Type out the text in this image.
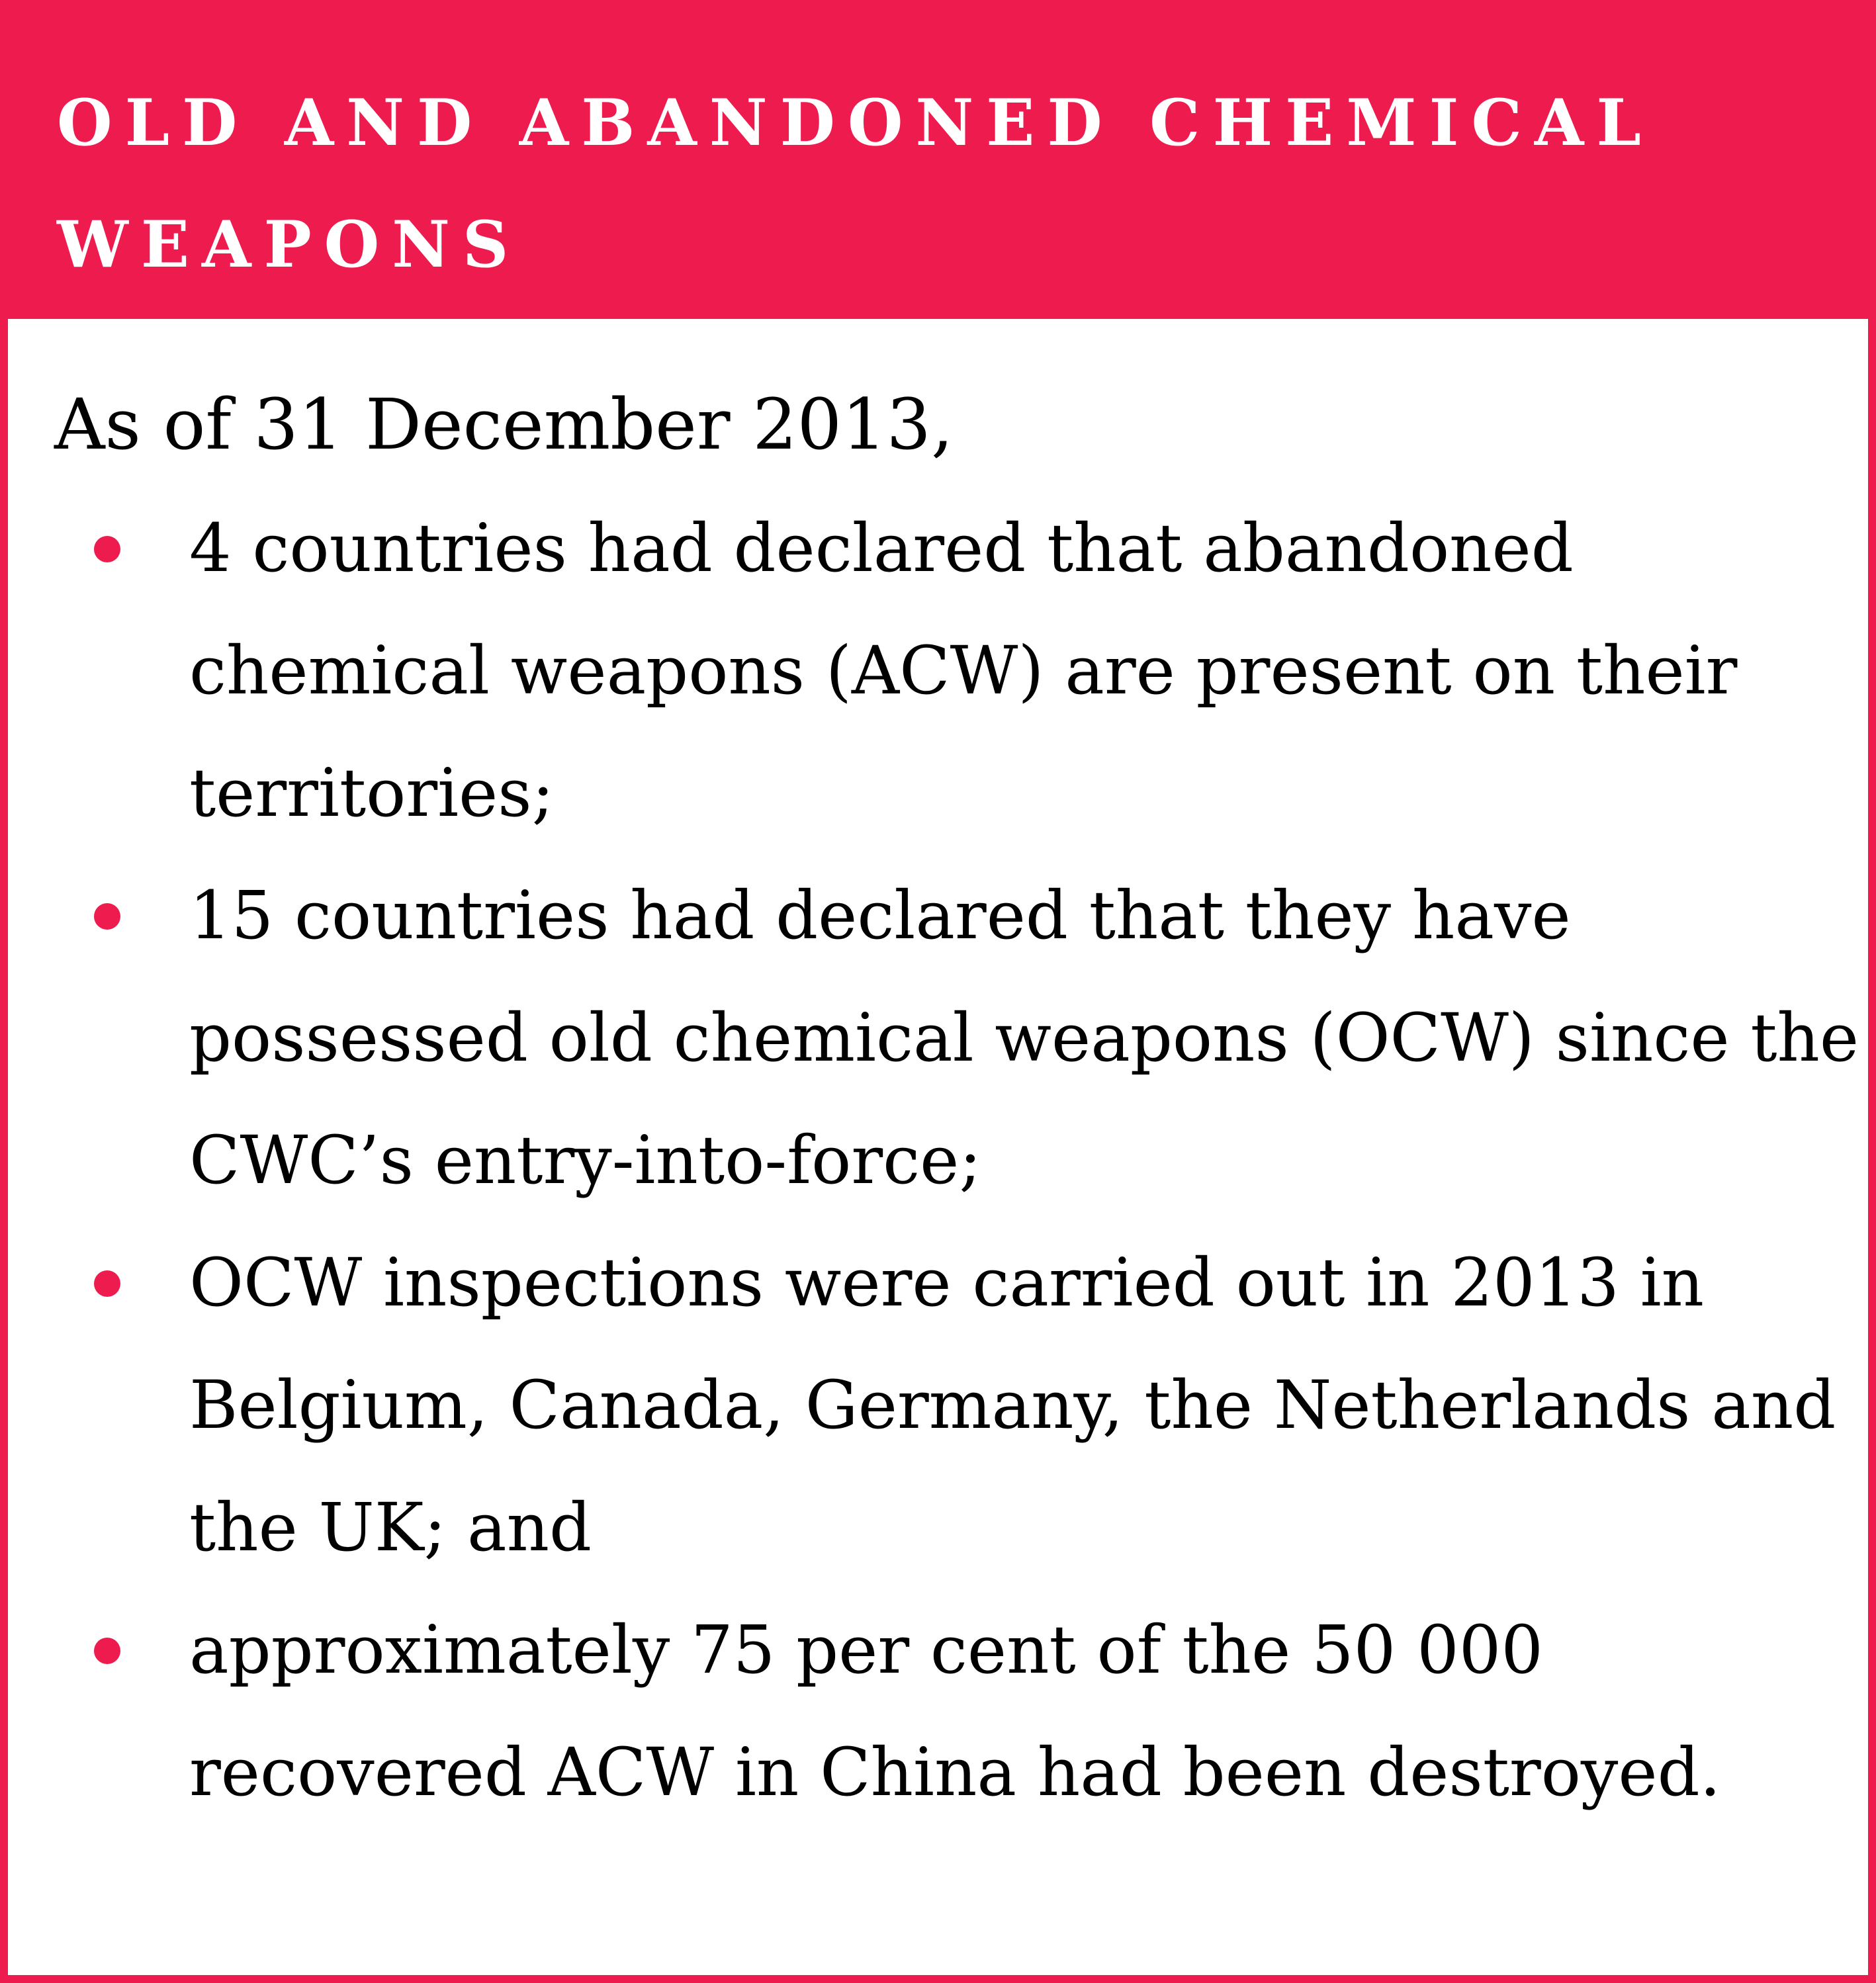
OLD AND ABANDONED CHEMICAL WEAPONS

As of 31 December 2013,

4 countries had declared that abandoned chemical weapons (ACW) are present on their territories;
15 countries had declared that they have possessed old chemical weapons (OCW) since the CWC’s entry-into-force;
OCW inspections were carried out in 2013 in Belgium, Canada, Germany, the Netherlands and the UK; and
approximately 75 per cent of the 50 000 recovered ACW in China had been destroyed.
